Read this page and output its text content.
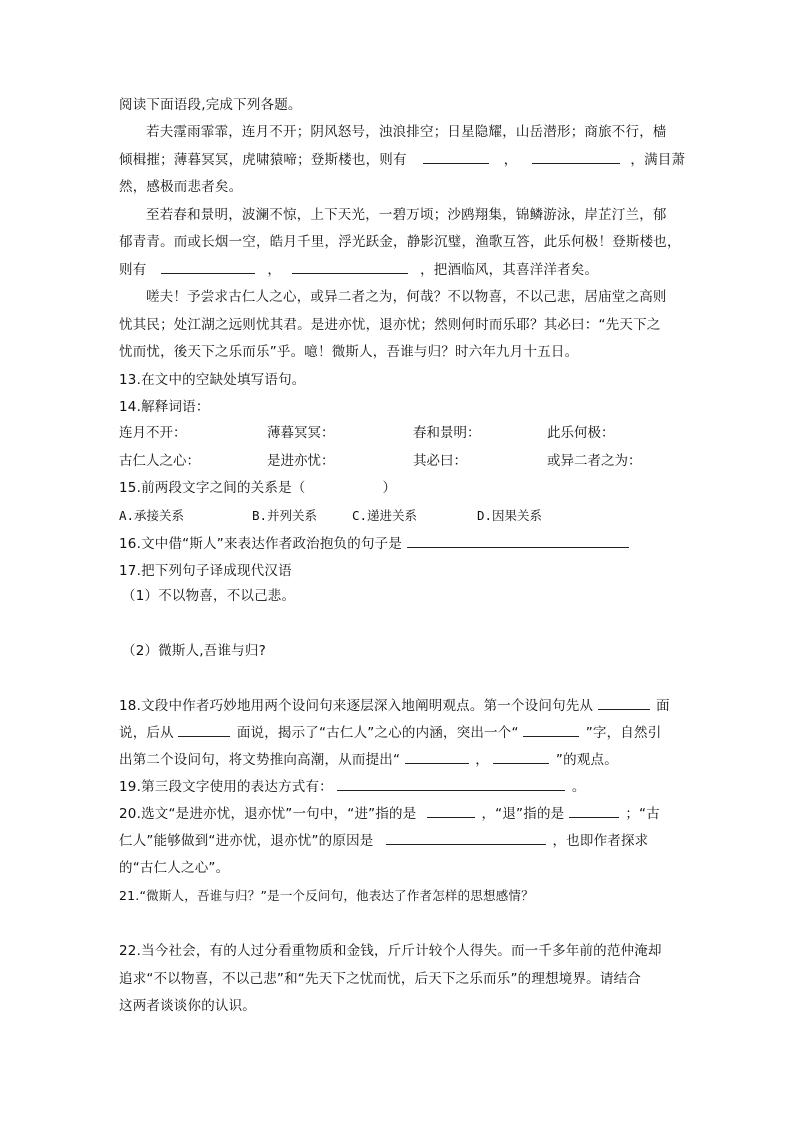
阅读下面语段,完成下列各题。
若夫霪雨霏霏，连月不开；阴风怒号，浊浪排空；日星隐耀，山岳潜形；商旅不行，樯
倾楫摧；薄暮冥冥，虎啸猿啼；登斯楼也，则有	，	，满目萧
然，感极而悲者矣。
至若春和景明，波澜不惊，上下天光，一碧万顷；沙鸥翔集，锦鳞游泳，岸芷汀兰，郁
郁青青。而或长烟一空，皓月千里，浮光跃金，静影沉璧，渔歌互答，此乐何极！登斯楼也，
则有	，	，把酒临风，其喜洋洋者矣。
嗟夫！予尝求古仁人之心，或异二者之为，何哉？不以物喜，不以己悲，居庙堂之高则
忧其民；处江湖之远则忧其君。是进亦忧，退亦忧；然则何时而乐耶？其必曰：“先天下之
忧而忧，後天下之乐而乐”乎。噫！微斯人，吾谁与归？时六年九月十五日。
13.在文中的空缺处填写语句。
14.解释词语：
连月不开：	薄暮冥冥：	春和景明：	此乐何极：
古仁人之心：	是进亦忧：	其必曰：	或异二者之为：
15.前两段文字之间的关系是（	）
A.承接关系	B.并列关系	C.递进关系	D.因果关系
16.文中借“斯人”来表达作者政治抱负的句子是
17.把下列句子译成现代汉语
（1）不以物喜，不以己悲。
（2）微斯人,吾谁与归?
18.文段中作者巧妙地用两个设问句来逐层深入地阐明观点。第一个设问句先从	面
说，后从	面说，揭示了“古仁人”之心的内涵，突出一个“	”字，自然引
出第二个设问句，将文势推向高潮，从而提出“	，	”的观点。
19.第三段文字使用的表达方式有：	。
20.选文“是进亦忧，退亦忧”一句中，“进”指的是	，“退”指的是	；“古
仁人”能够做到“进亦忧，退亦忧”的原因是	，也即作者探求
的“古仁人之心”。
21.“微斯人，吾谁与归？”是一个反问句，他表达了作者怎样的思想感情？
22.当今社会，有的人过分看重物质和金钱，斤斤计较个人得失。而一千多年前的范仲淹却
追求“不以物喜，不以己悲”和“先天下之忧而忧，后天下之乐而乐”的理想境界。请结合
这两者谈谈你的认识。
